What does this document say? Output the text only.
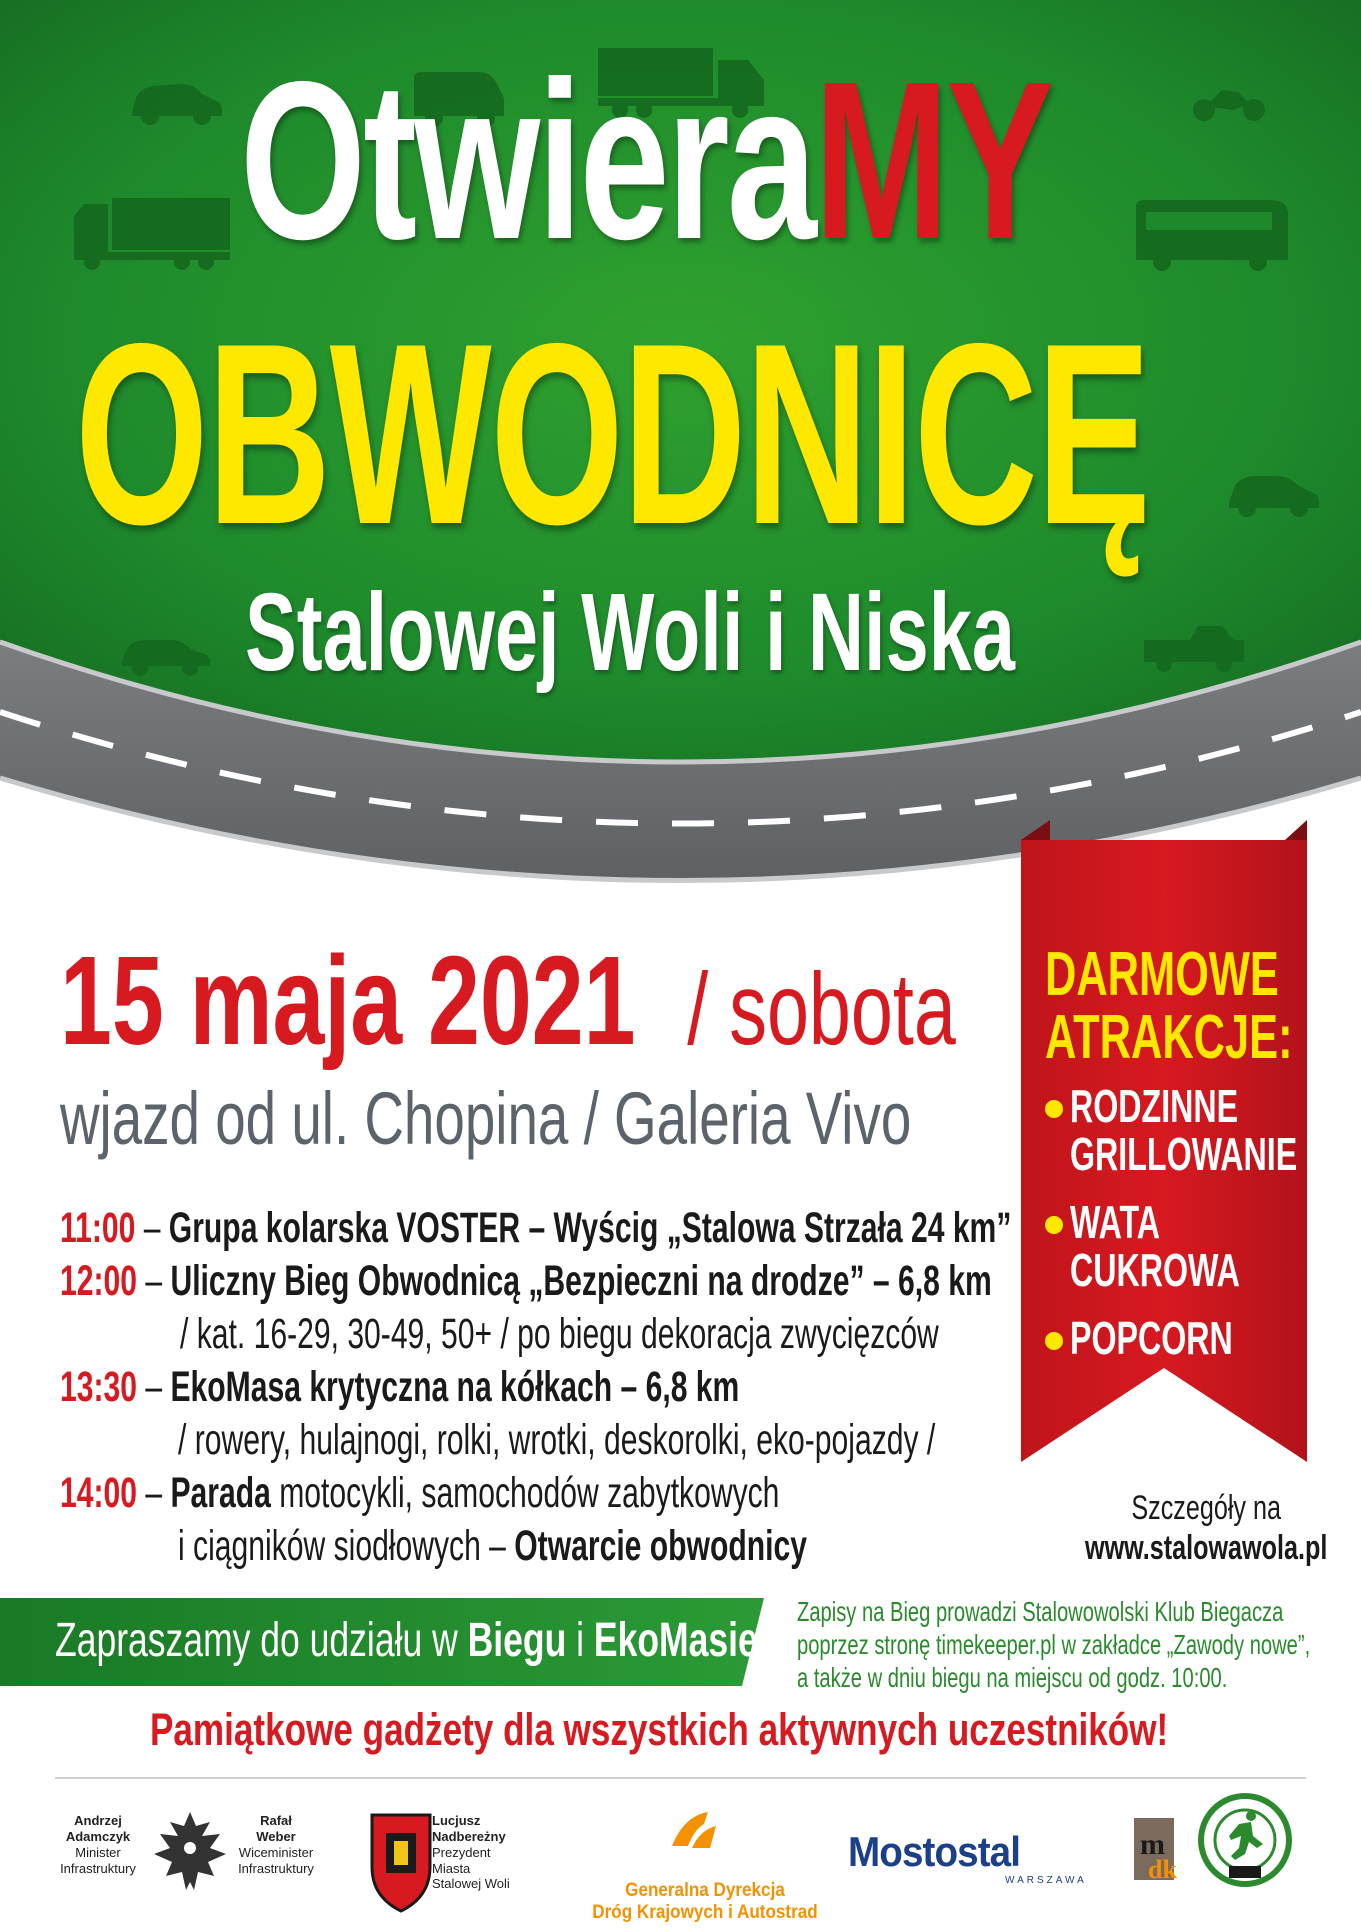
m
dk
OtwieraMY
OBWODNICĘ
Stalowej Woli i Niska
15 maja 2021 / sobota
wjazd od ul. Chopina / Galeria Vivo
11:00 – Grupa kolarska VOSTER – Wyścig „Stalowa Strzała 24 km”
12:00 – Uliczny Bieg Obwodnicą „Bezpieczni na drodze” – 6,8 km
/ kat. 16-29, 30-49, 50+ / po biegu dekoracja zwycięzców
13:30 – EkoMasa krytyczna na kółkach – 6,8 km
/ rowery, hulajnogi, rolki, wrotki, deskorolki, eko-pojazdy /
14:00 – Parada motocykli, samochodów zabytkowych
i ciągników siodłowych – Otwarcie obwodnicy
DARMOWE
ATRAKCJE:
RODZINNE
GRILLOWANIE
WATA
CUKROWA
POPCORN
Szczegóły na
www.stalowawola.pl
Zapraszamy do udziału w Biegu i EkoMasie
Zapisy na Bieg prowadzi Stalowowolski Klub Biegacza
poprzez stronę timekeeper.pl w zakładce „Zawody nowe”,
a także w dniu biegu na miejscu od godz. 10:00.
Pamiątkowe gadżety dla wszystkich aktywnych uczestników!
Andrzej
Adamczyk
Minister
Infrastruktury
Rafał
Weber
Wiceminister
Infrastruktury
Lucjusz
Nadbereżny
Prezydent Miasta
Stalowej Woli	Generalna Dyrekcja
Dróg Krajowych i Autostrad
Mostostal
WARSZAWA
